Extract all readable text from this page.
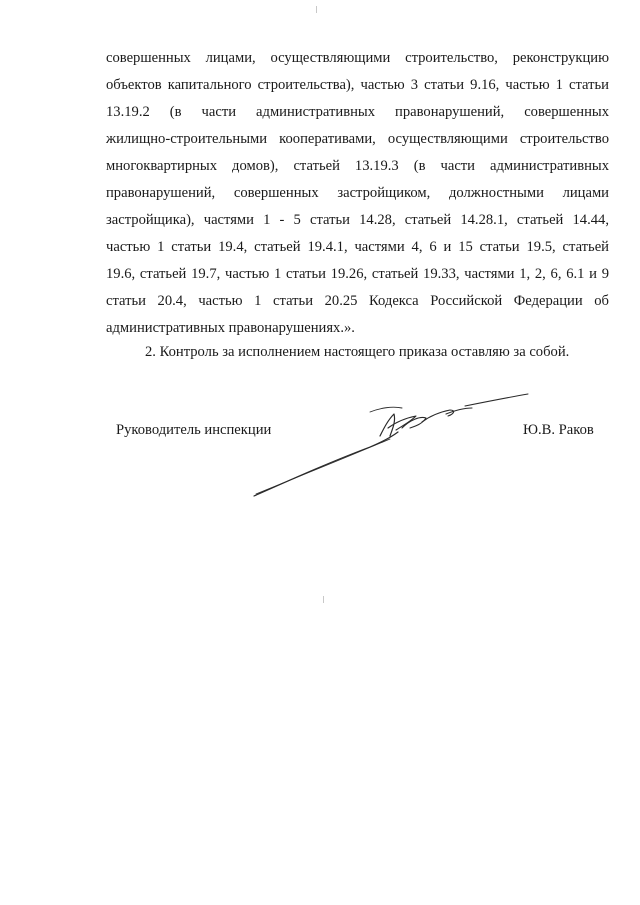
совершенных лицами, осуществляющими строительство, реконструкцию
объектов капитального строительства), частью 3 статьи 9.16, частью 1 статьи
13.19.2 (в части административных правонарушений, совершенных
жилищно-строительными кооперативами, осуществляющими строительство
многоквартирных домов), статьей 13.19.3 (в части административных
правонарушений, совершенных застройщиком, должностными лицами
застройщика), частями 1 - 5 статьи 14.28, статьей 14.28.1, статьей 14.44,
частью 1 статьи 19.4, статьей 19.4.1, частями 4, 6 и 15 статьи 19.5, статьей
19.6, статьей 19.7, частью 1 статьи 19.26, статьей 19.33, частями 1, 2, 6, 6.1 и 9
статьи 20.4, частью 1 статьи 20.25 Кодекса Российской Федерации об
административных правонарушениях.».
2. Контроль за исполнением настоящего приказа оставляю за собой.
Руководитель инспекции	Ю.В. Раков
